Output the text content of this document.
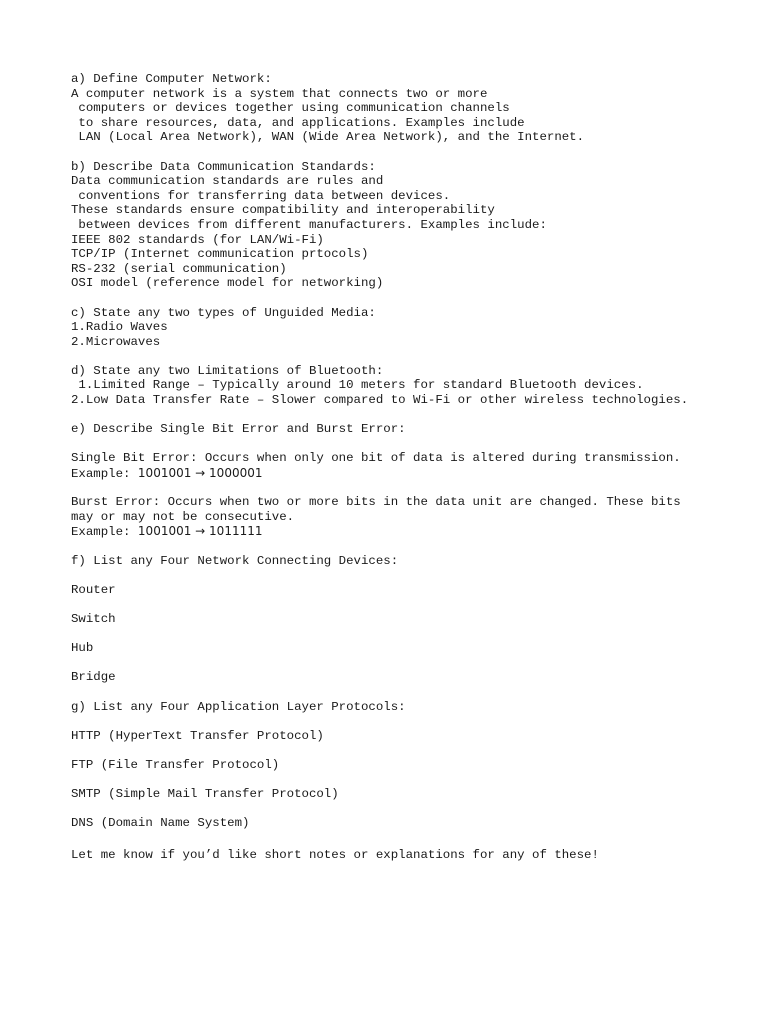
a) Define Computer Network:
A computer network is a system that connects two or more
computers or devices together using communication channels
to share resources, data, and applications. Examples include
LAN (Local Area Network), WAN (Wide Area Network), and the Internet.
b) Describe Data Communication Standards:
Data communication standards are rules and
conventions for transferring data between devices.
These standards ensure compatibility and interoperability
between devices from different manufacturers. Examples include:
IEEE 802 standards (for LAN/Wi-Fi)
TCP/IP (Internet communication prtocols)
RS-232 (serial communication)
OSI model (reference model for networking)
c) State any two types of Unguided Media:
1.Radio Waves
2.Microwaves
d) State any two Limitations of Bluetooth:
1.Limited Range – Typically around 10 meters for standard Bluetooth devices.
2.Low Data Transfer Rate – Slower compared to Wi-Fi or other wireless technologies.
e) Describe Single Bit Error and Burst Error:
Single Bit Error: Occurs when only one bit of data is altered during transmission.
Example: 1001001 → 1000001
Burst Error: Occurs when two or more bits in the data unit are changed. These bits
may or may not be consecutive.
Example: 1001001 → 1011111
f) List any Four Network Connecting Devices:
Router
Switch
Hub
Bridge
g) List any Four Application Layer Protocols:
HTTP (HyperText Transfer Protocol)
FTP (File Transfer Protocol)
SMTP (Simple Mail Transfer Protocol)
DNS (Domain Name System)
Let me know if you’d like short notes or explanations for any of these!
